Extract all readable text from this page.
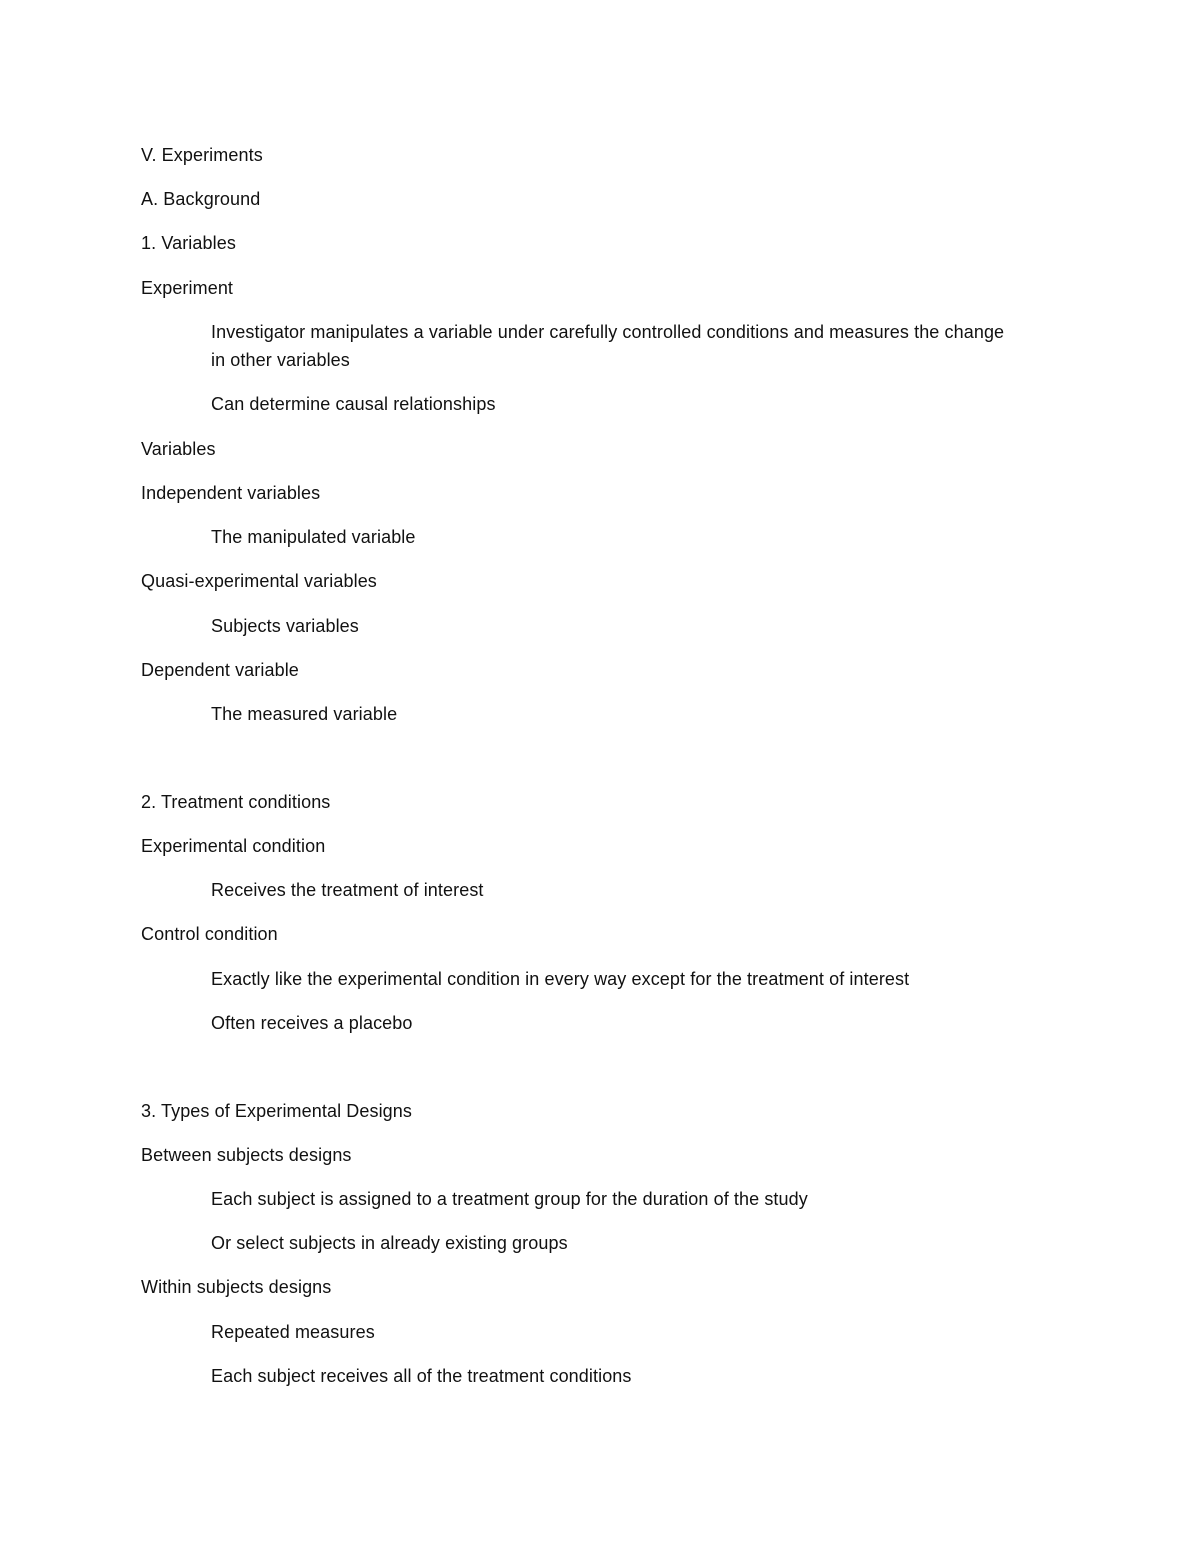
V. Experiments
A. Background
1. Variables
Experiment
Investigator manipulates a variable under carefully controlled conditions and measures the change in other variables
Can determine causal relationships
Variables
Independent variables
The manipulated variable
Quasi-experimental variables
Subjects variables
Dependent variable
The measured variable
2. Treatment conditions
Experimental condition
Receives the treatment of interest
Control condition
Exactly like the experimental condition in every way except for the treatment of interest
Often receives a placebo
3. Types of Experimental Designs
Between subjects designs
Each subject is assigned to a treatment group for the duration of the study
Or select subjects in already existing groups
Within subjects designs
Repeated measures
Each subject receives all of the treatment conditions
